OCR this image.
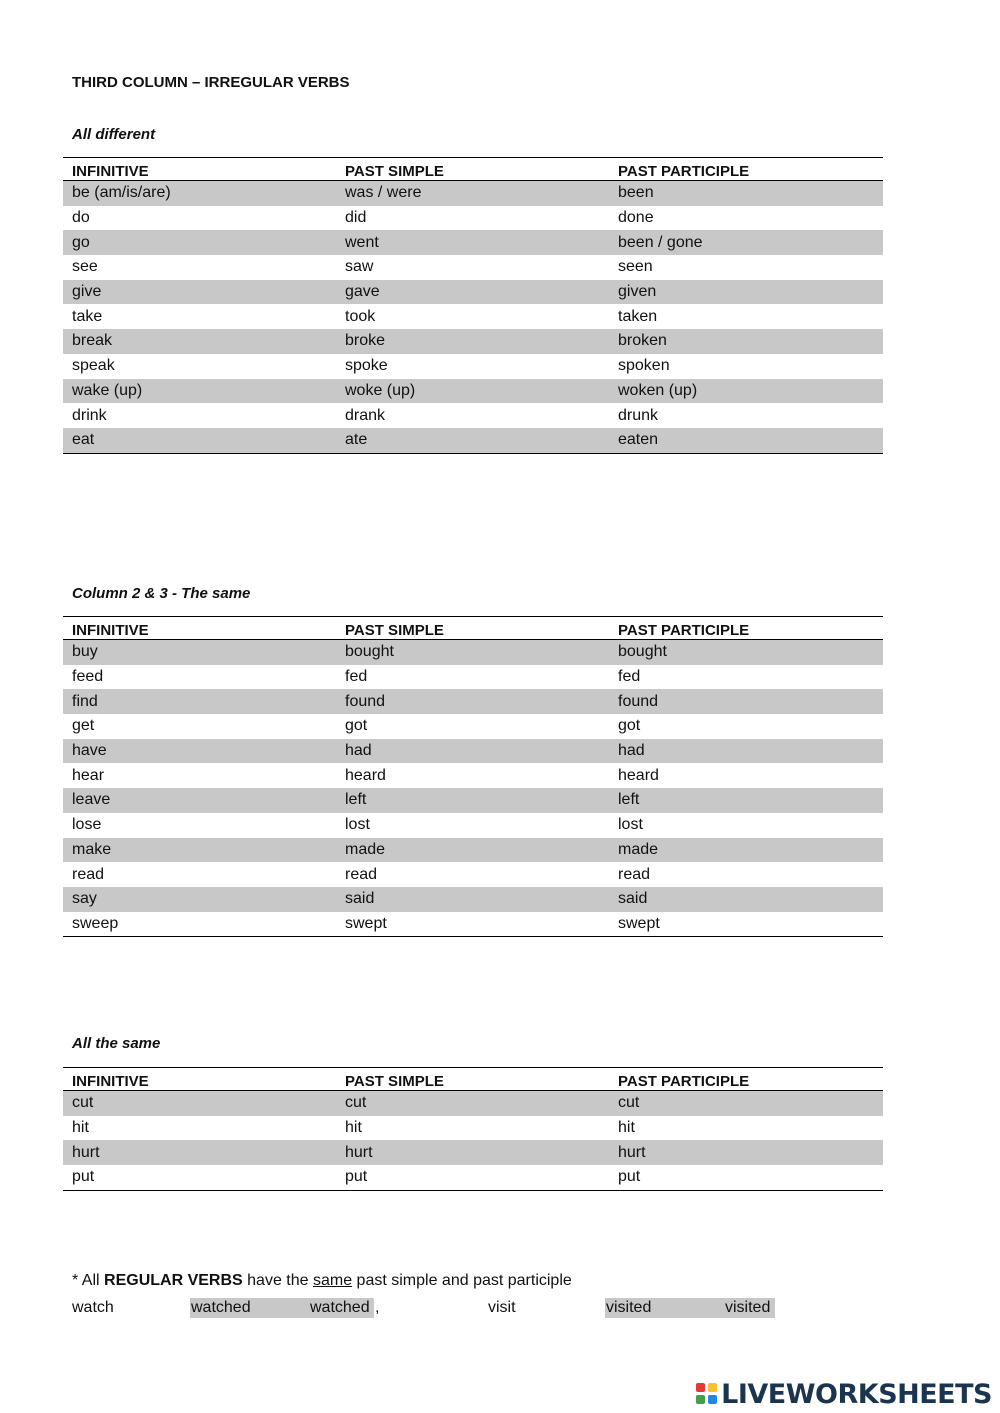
THIRD COLUMN – IRREGULAR VERBS
All different
INFINITIVE	PAST SIMPLE	PAST PARTICIPLE
be (am/is/are)	was / were	been
do	did	done
go	went	been / gone
see	saw	seen
give	gave	given
take	took	taken
break	broke	broken
speak	spoke	spoken
wake (up)	woke (up)	woken (up)
drink	drank	drunk
eat	ate	eaten
Column 2 & 3 - The same
INFINITIVE	PAST SIMPLE	PAST PARTICIPLE
buy	bought	bought
feed	fed	fed
find	found	found
get	got	got
have	had	had
hear	heard	heard
leave	left	left
lose	lost	lost
make	made	made
read	read	read
say	said	said
sweep	swept	swept
All the same
INFINITIVE	PAST SIMPLE	PAST PARTICIPLE
cut	cut	cut
hit	hit	hit
hurt	hurt	hurt
put	put	put
* All REGULAR VERBS have the same past simple and past participle
watch	watched	watched ,	visit	visited	visited
LIVEWORKSHEETS
